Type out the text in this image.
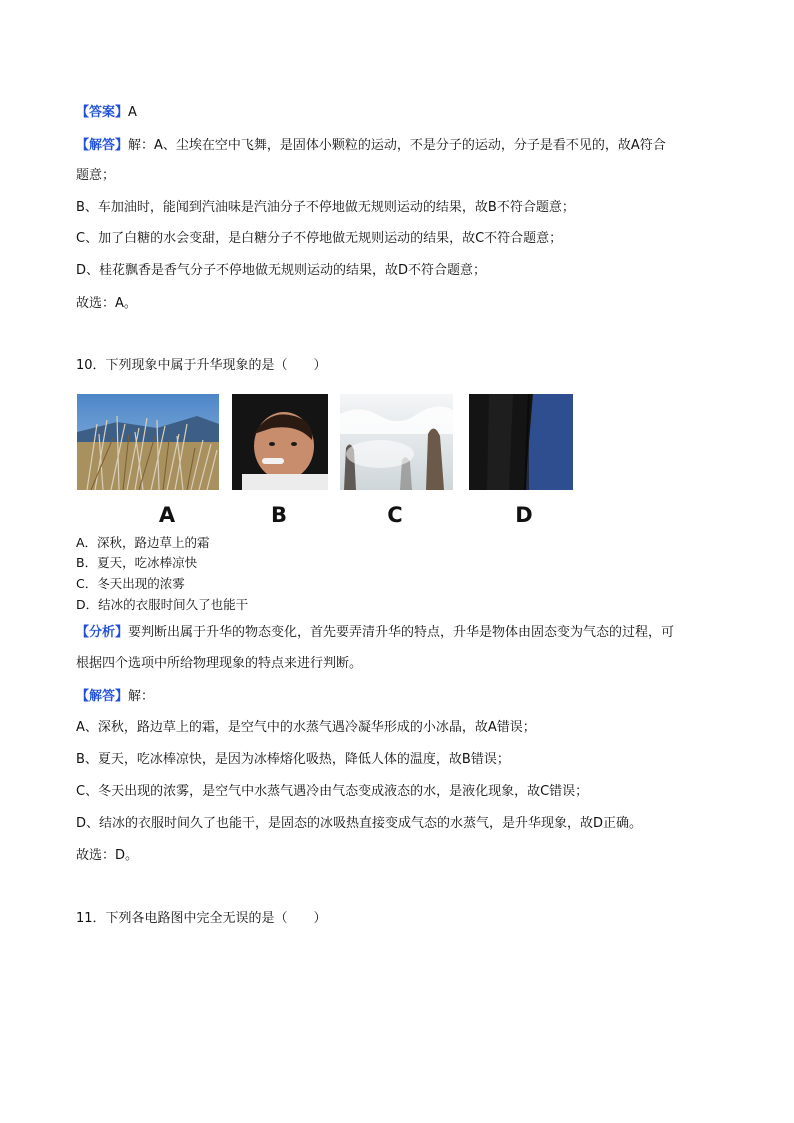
【答案】A
【解答】解：A、尘埃在空中飞舞，是固体小颗粒的运动，不是分子的运动，分子是看不见的，故A符合
题意；
B、车加油时，能闻到汽油味是汽油分子不停地做无规则运动的结果，故B不符合题意；
C、加了白糖的水会变甜，是白糖分子不停地做无规则运动的结果，故C不符合题意；
D、桂花飘香是香气分子不停地做无规则运动的结果，故D不符合题意；
故选：A。
10．下列现象中属于升华现象的是（　　）
A	B	C	D
A．深秋，路边草上的霜
B．夏天，吃冰棒凉快
C．冬天出现的浓雾
D．结冰的衣服时间久了也能干
【分析】要判断出属于升华的物态变化，首先要弄清升华的特点，升华是物体由固态变为气态的过程，可
根据四个选项中所给物理现象的特点来进行判断。
【解答】解：
A、深秋，路边草上的霜，是空气中的水蒸气遇冷凝华形成的小冰晶，故A错误；
B、夏天，吃冰棒凉快，是因为冰棒熔化吸热，降低人体的温度，故B错误；
C、冬天出现的浓雾，是空气中水蒸气遇冷由气态变成液态的水，是液化现象，故C错误；
D、结冰的衣服时间久了也能干，是固态的冰吸热直接变成气态的水蒸气，是升华现象，故D正确。
故选：D。
11．下列各电路图中完全无误的是（　　）
